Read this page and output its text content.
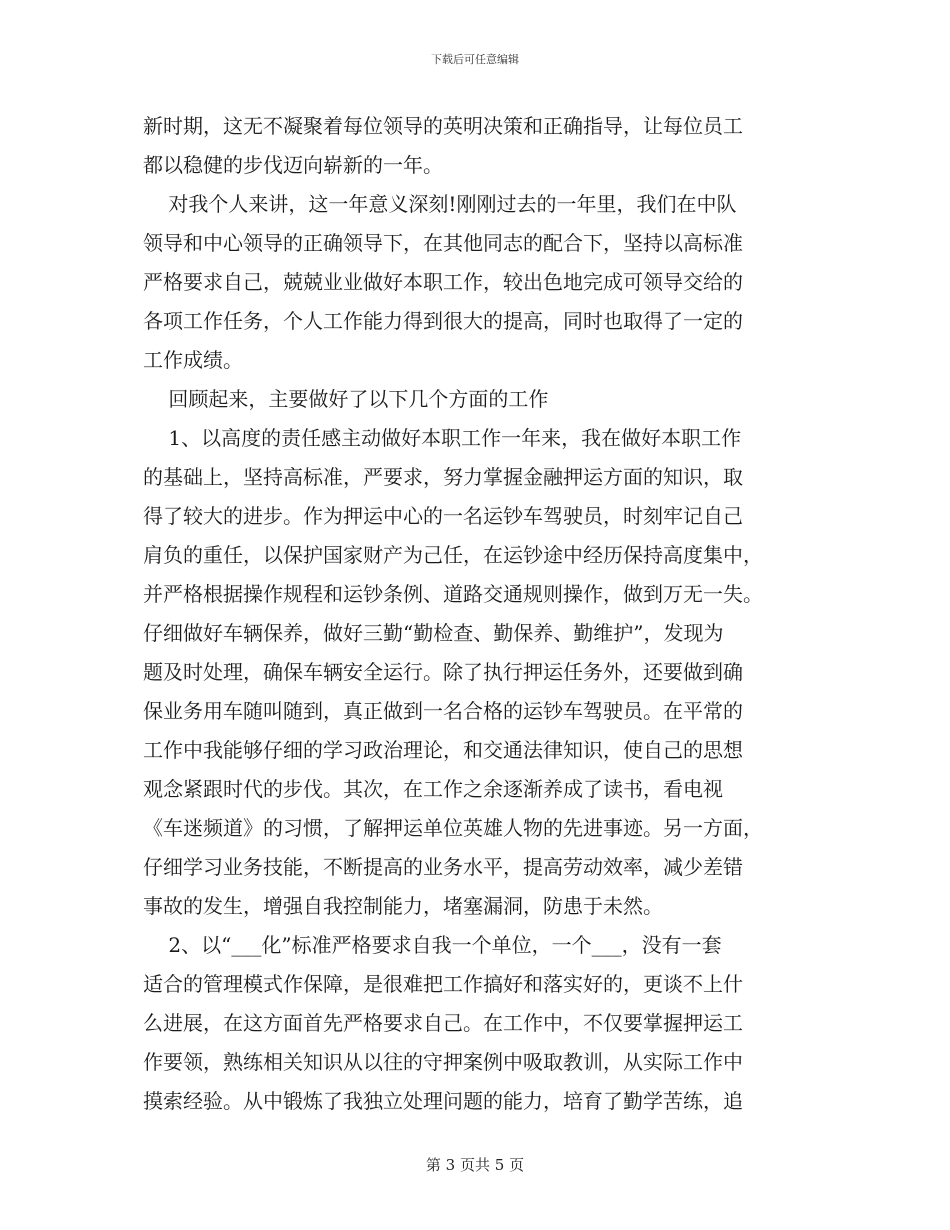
下载后可任意编辑
新时期，这无不凝聚着每位领导的英明决策和正确指导，让每位员工
都以稳健的步伐迈向崭新的一年。
对我个人来讲，这一年意义深刻!刚刚过去的一年里，我们在中队
领导和中心领导的正确领导下，在其他同志的配合下，坚持以高标准
严格要求自己，兢兢业业做好本职工作，较出色地完成可领导交给的
各项工作任务，个人工作能力得到很大的提高，同时也取得了一定的
工作成绩。
回顾起来，主要做好了以下几个方面的工作
1、以高度的责任感主动做好本职工作一年来，我在做好本职工作
的基础上，坚持高标准，严要求，努力掌握金融押运方面的知识，取
得了较大的进步。作为押运中心的一名运钞车驾驶员，时刻牢记自己
肩负的重任，以保护国家财产为己任，在运钞途中经历保持高度集中，
并严格根据操作规程和运钞条例、道路交通规则操作，做到万无一失。
仔细做好车辆保养，做好三勤“勤检查、勤保养、勤维护”，发现为
题及时处理，确保车辆安全运行。除了执行押运任务外，还要做到确
保业务用车随叫随到，真正做到一名合格的运钞车驾驶员。在平常的
工作中我能够仔细的学习政治理论，和交通法律知识，使自己的思想
观念紧跟时代的步伐。其次，在工作之余逐渐养成了读书，看电视
《车迷频道》的习惯，了解押运单位英雄人物的先进事迹。另一方面，
仔细学习业务技能，不断提高的业务水平，提高劳动效率，减少差错
事故的发生，增强自我控制能力，堵塞漏洞，防患于未然。
2、以“___化”标准严格要求自我一个单位，一个___，没有一套
适合的管理模式作保障，是很难把工作搞好和落实好的，更谈不上什
么进展，在这方面首先严格要求自己。在工作中，不仅要掌握押运工
作要领，熟练相关知识从以往的守押案例中吸取教训，从实际工作中
摸索经验。从中锻炼了我独立处理问题的能力，培育了勤学苦练，追
第 3 页共 5 页
